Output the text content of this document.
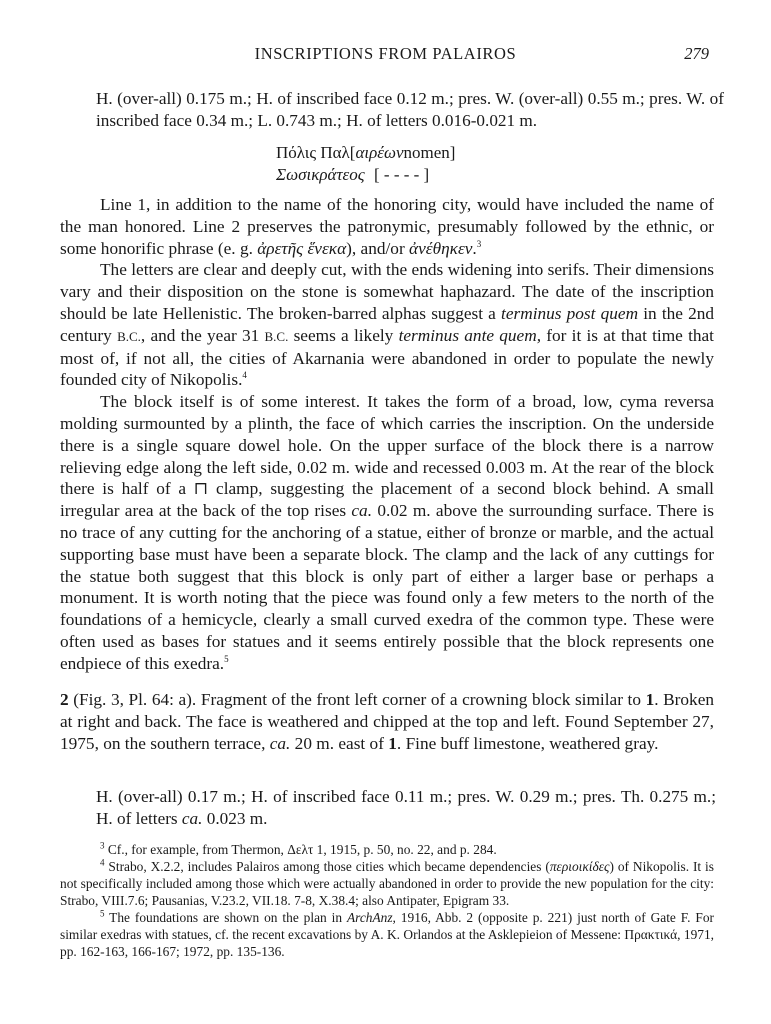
INSCRIPTIONS FROM PALAIROS	279
H. (over-all) 0.175 m.; H. of inscribed face 0.12 m.; pres. W. (over-all) 0.55 m.; pres. W. of inscribed face 0.34 m.; L. 0.743 m.; H. of letters 0.016-0.021 m.
Πόλις Παλ[αιρέωνnomen]
Σωσικράτεος [ - - - - ]

Line 1, in addition to the name of the honoring city, would have included the name of the man honored. Line 2 preserves the patronymic, presumably followed by the ethnic, or some honorific phrase (e. g. ἀρετῆς ἕνεκα), and/or ἀνέθηκεν.$^3$

The letters are clear and deeply cut, with the ends widening into serifs. Their dimensions vary and their disposition on the stone is somewhat haphazard. The date of the inscription should be late Hellenistic. The broken-barred alphas suggest a terminus post quem in the 2nd century B.C., and the year 31 B.C. seems a likely terminus ante quem, for it is at that time that most of, if not all, the cities of Akarnania were abandoned in order to populate the newly founded city of Nikopolis.$^4$

The block itself is of some interest. It takes the form of a broad, low, cyma reversa molding surmounted by a plinth, the face of which carries the inscription. On the underside there is a single square dowel hole. On the upper surface of the block there is a narrow relieving edge along the left side, 0.02 m. wide and recessed 0.003 m. At the rear of the block there is half of a ⊓ clamp, suggesting the placement of a second block behind. A small irregular area at the back of the top rises ca. 0.02 m. above the surrounding surface. There is no trace of any cutting for the anchoring of a statue, either of bronze or marble, and the actual supporting base must have been a separate block. The clamp and the lack of any cuttings for the statue both suggest that this block is only part of either a larger base or perhaps a monument. It is worth noting that the piece was found only a few meters to the north of the foundations of a hemicycle, clearly a small curved exedra of the common type. These were often used as bases for statues and it seems entirely possible that the block represents one endpiece of this exedra.$^5$

2 (Fig. 3, Pl. 64: a). Fragment of the front left corner of a crowning block similar to 1. Broken at right and back. The face is weathered and chipped at the top and left. Found September 27, 1975, on the southern terrace, ca. 20 m. east of 1. Fine buff limestone, weathered gray.

H. (over-all) 0.17 m.; H. of inscribed face 0.11 m.; pres. W. 0.29 m.; pres. Th. 0.275 m.; H. of letters ca. 0.023 m.

$^3$ Cf., for example, from Thermon, Δελτ 1, 1915, p. 50, no. 22, and p. 284.

$^4$ Strabo, X.2.2, includes Palairos among those cities which became dependencies (περιοικίδες) of Nikopolis. It is not specifically included among those which were actually abandoned in order to provide the new population for the city: Strabo, VIII.7.6; Pausanias, V.23.2, VII.18. 7-8, X.38.4; also Antipater, Epigram 33.

$^5$ The foundations are shown on the plan in ArchAnz, 1916, Abb. 2 (opposite p. 221) just north of Gate F. For similar exedras with statues, cf. the recent excavations by A. K. Orlandos at the Asklepieion of Messene: Πρακτικά, 1971, pp. 162-163, 166-167; 1972, pp. 135-136.
